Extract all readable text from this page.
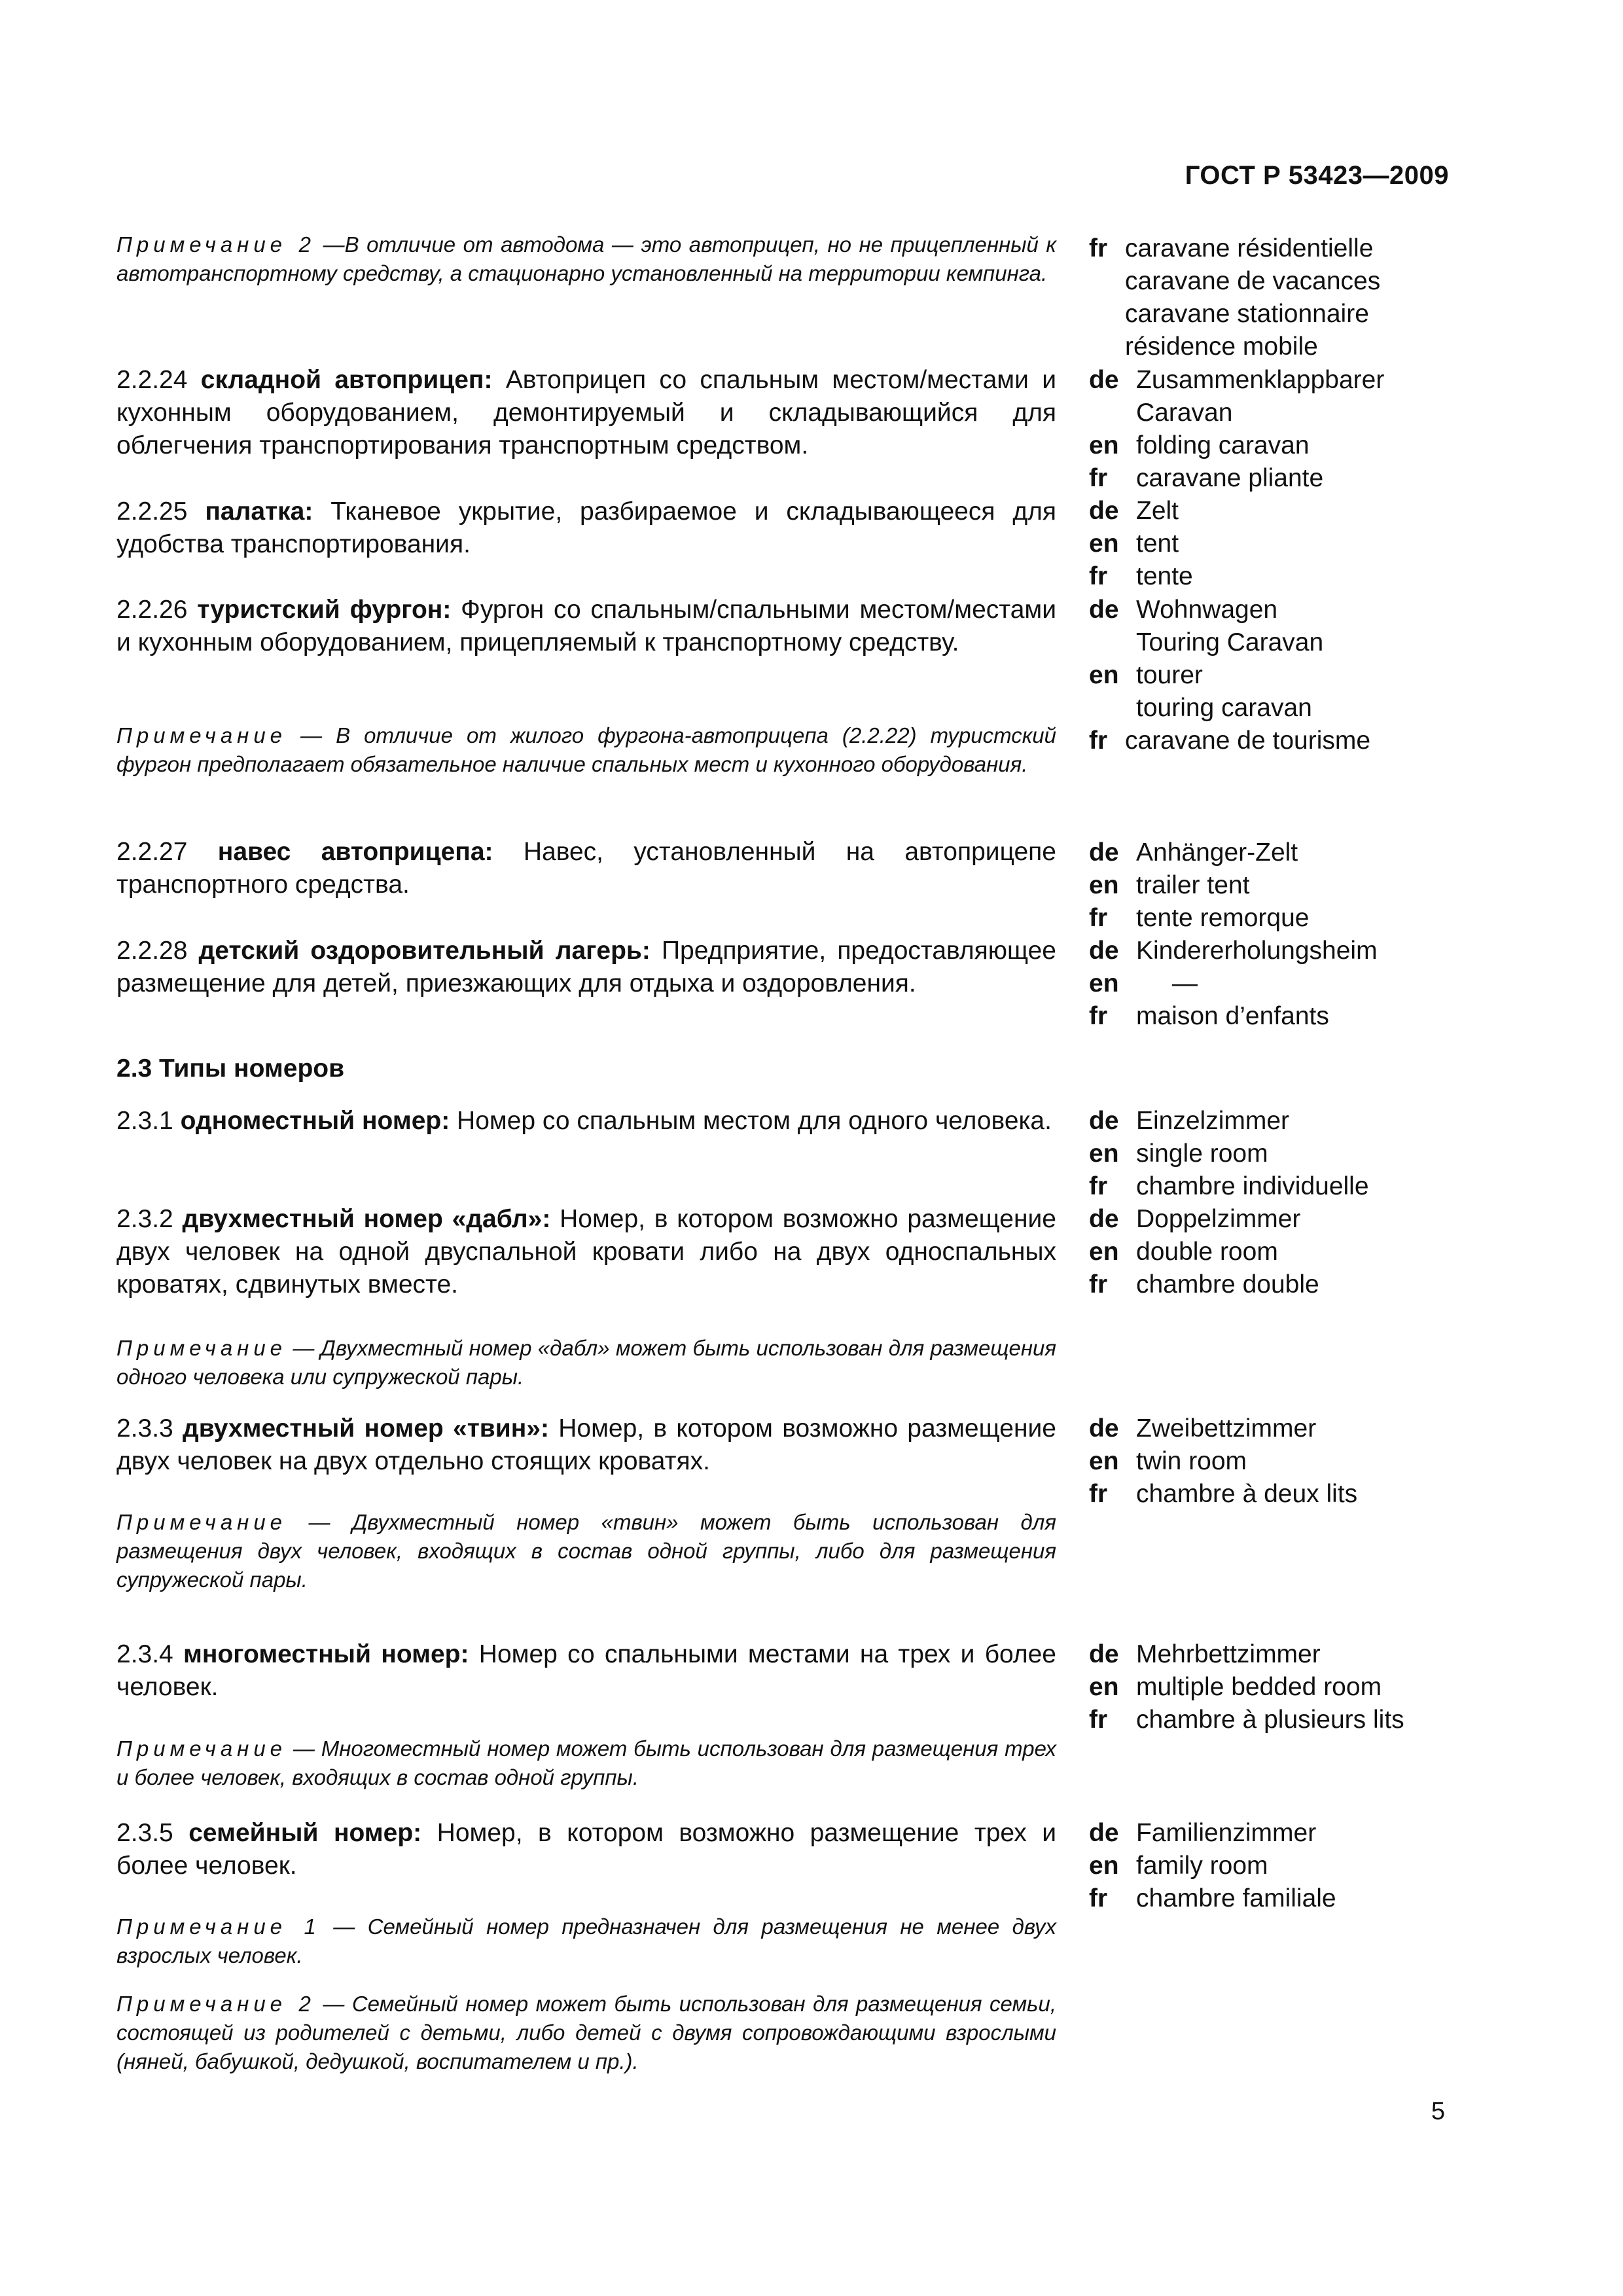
ГОСТ Р 53423—2009
Примечание 2 —В отличие от автодома — это автоприцеп, но не прицепленный к автотранспортному средству, а стационарно установленный на территории кемпинга.
2.2.24 складной автоприцеп: Автоприцеп со спальным местом/местами и кухонным оборудованием, демонтируемый и складывающийся для облегчения транспортирования транспортным средством.
2.2.25 палатка: Тканевое укрытие, разбираемое и складывающееся для удобства транспортирования.
2.2.26 туристский фургон: Фургон со спальным/спальными местом/местами и кухонным оборудованием, прицепляемый к транспортному средству.
Примечание — В отличие от жилого фургона-автоприцепа (2.2.22) туристский фургон предполагает обязательное наличие спальных мест и кухонного оборудования.
2.2.27 навес автоприцепа: Навес, установленный на автоприцепе транспортного средства.
2.2.28 детский оздоровительный лагерь: Предприятие, предоставляющее размещение для детей, приезжающих для отдыха и оздоровления.
2.3 Типы номеров
2.3.1 одноместный номер: Номер со спальным местом для одного человека.
2.3.2 двухместный номер «дабл»: Номер, в котором возможно размещение двух человек на одной двуспальной кровати либо на двух односпальных кроватях, сдвинутых вместе.
Примечание — Двухместный номер «дабл» может быть использован для размещения одного человека или супружеской пары.
2.3.3 двухместный номер «твин»: Номер, в котором возможно размещение двух человек на двух отдельно стоящих кроватях.
Примечание — Двухместный номер «твин» может быть использован для размещения двух человек, входящих в состав одной группы, либо для размещения супружеской пары.
2.3.4 многоместный номер: Номер со спальными местами на трех и более человек.
Примечание — Многоместный номер может быть использован для размещения трех и более человек, входящих в состав одной группы.
2.3.5 семейный номер: Номер, в котором возможно размещение трех и более человек.
Примечание 1 — Семейный номер предназначен для размещения не менее двух взрослых человек.
Примечание 2 — Семейный номер может быть использован для размещения семьи, состоящей из родителей с детьми, либо детей с двумя сопровождающими взрослыми (няней, бабушкой, дедушкой, воспитателем и пр.).
fr caravane résidentielle
caravane de vacances
caravane stationnaire
résidence mobile
de Zusammenklappbarer
Caravan
en folding caravan
fr	caravane pliante
de Zelt
en tent
fr	tente
de Wohnwagen
Touring Caravan
en tourer
touring caravan
fr caravane de tourisme
de Anhänger-Zelt
en trailer tent
fr	tente remorque
de Kindererholungsheim
en	—
fr	maison d’enfants
de Einzelzimmer
en single room
fr	chambre individuelle
de Doppelzimmer
en double room
fr	chambre double
de Zweibettzimmer
en twin room
fr	chambre à deux lits
de Mehrbettzimmer
en multiple bedded room
fr	chambre à plusieurs lits
de Familienzimmer
en family room
fr	chambre familiale
5
